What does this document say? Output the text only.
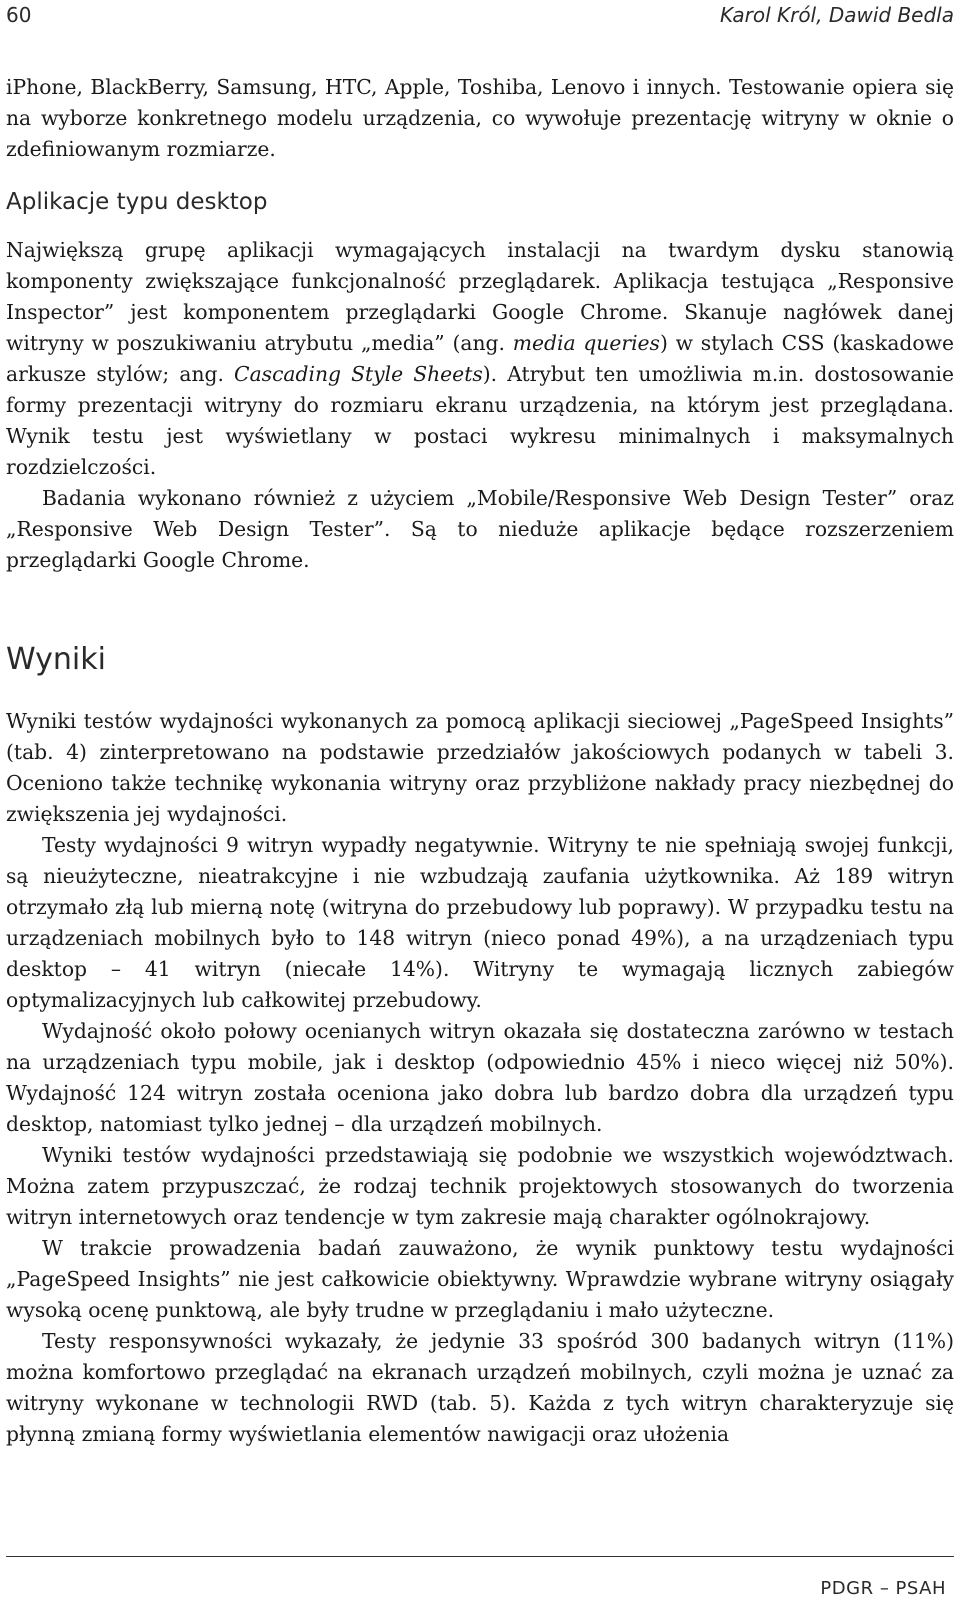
60	Karol Król, Dawid Bedla

iPhone, BlackBerry, Samsung, HTC, Apple, Toshiba, Lenovo i innych. Testowanie opiera się na wyborze konkretnego modelu urządzenia, co wywołuje prezentację witryny w oknie o zdefiniowanym rozmiarze.

Aplikacje typu desktop

Największą grupę aplikacji wymagających instalacji na twardym dysku stanowią komponenty zwiększające funkcjonalność przeglądarek. Aplikacja testująca „Responsive Inspector” jest komponentem przeglądarki Google Chrome. Skanuje nagłówek danej witryny w poszukiwaniu atrybutu „media” (ang. media queries) w stylach CSS (kaskadowe arkusze stylów; ang. Cascading Style Sheets). Atrybut ten umożliwia m.in. dostosowanie formy prezentacji witryny do rozmiaru ekranu urządzenia, na którym jest przeglądana. Wynik testu jest wyświetlany w postaci wykresu minimalnych i maksymalnych rozdzielczości.

Badania wykonano również z użyciem „Mobile/Responsive Web Design Tester” oraz „Responsive Web Design Tester”. Są to nieduże aplikacje będące rozszerzeniem przeglądarki Google Chrome.

Wyniki

Wyniki testów wydajności wykonanych za pomocą aplikacji sieciowej „PageSpeed Insights” (tab. 4) zinterpretowano na podstawie przedziałów jakościowych podanych w tabeli 3. Oceniono także technikę wykonania witryny oraz przybliżone nakłady pracy niezbędnej do zwiększenia jej wydajności.

Testy wydajności 9 witryn wypadły negatywnie. Witryny te nie spełniają swojej funkcji, są nieużyteczne, nieatrakcyjne i nie wzbudzają zaufania użytkownika. Aż 189 witryn otrzymało złą lub mierną notę (witryna do przebudowy lub poprawy). W przypadku testu na urządzeniach mobilnych było to 148 witryn (nieco ponad 49%), a na urządzeniach typu desktop – 41 witryn (niecałe 14%). Witryny te wymagają licznych zabiegów optymalizacyjnych lub całkowitej przebudowy.

Wydajność około połowy ocenianych witryn okazała się dostateczna zarówno w testach na urządzeniach typu mobile, jak i desktop (odpowiednio 45% i nieco więcej niż 50%). Wydajność 124 witryn została oceniona jako dobra lub bardzo dobra dla urządzeń typu desktop, natomiast tylko jednej – dla urządzeń mobilnych.

Wyniki testów wydajności przedstawiają się podobnie we wszystkich województwach. Można zatem przypuszczać, że rodzaj technik projektowych stosowanych do tworzenia witryn internetowych oraz tendencje w tym zakresie mają charakter ogólnokrajowy.

W trakcie prowadzenia badań zauważono, że wynik punktowy testu wydajności „PageSpeed Insights” nie jest całkowicie obiektywny. Wprawdzie wybrane witryny osiągały wysoką ocenę punktową, ale były trudne w przeglądaniu i mało użyteczne.

Testy responsywności wykazały, że jedynie 33 spośród 300 badanych witryn (11%) można komfortowo przeglądać na ekranach urządzeń mobilnych, czyli można je uznać za witryny wykonane w technologii RWD (tab. 5). Każda z tych witryn charakteryzuje się płynną zmianą formy wyświetlania elementów nawigacji oraz ułożenia

PDGR – PSAH
